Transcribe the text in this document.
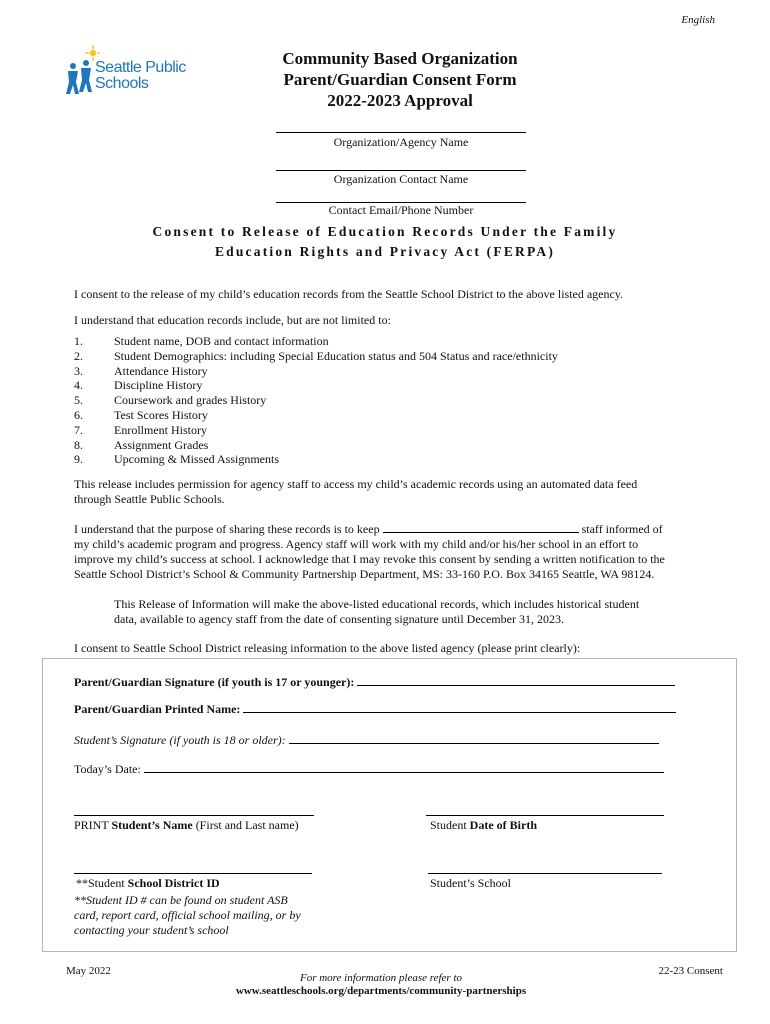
English
Seattle Public
Schools
Community Based Organization
Parent/Guardian Consent Form
2022-2023 Approval
Organization/Agency Name
Organization Contact Name
Contact Email/Phone Number
Consent to Release of Education Records Under the Family
Education Rights and Privacy Act (FERPA)
I consent to the release of my child’s education records from the Seattle School District to the above listed agency.
I understand that education records include, but are not limited to:
1.	Student name, DOB and contact information
2.	Student Demographics: including Special Education status and 504 Status and race/ethnicity
3.	Attendance History
4.	Discipline History
5.	Coursework and grades History
6.	Test Scores History
7.	Enrollment History
8.	Assignment Grades
9.	Upcoming & Missed Assignments
This release includes permission for agency staff to access my child’s academic records using an automated data feed
through Seattle Public Schools.
I understand that the purpose of sharing these records is to keep	staff informed of
my child’s academic program and progress. Agency staff will work with my child and/or his/her school in an effort to
improve my child’s success at school. I acknowledge that I may revoke this consent by sending a written notification to the
Seattle School District’s School & Community Partnership Department, MS: 33-160 P.O. Box 34165 Seattle, WA 98124.
This Release of Information will make the above-listed educational records, which includes historical student
data, available to agency staff from the date of consenting signature until December 31, 2023.
I consent to Seattle School District releasing information to the above listed agency (please print clearly):
Parent/Guardian Signature (if youth is 17 or younger):
Parent/Guardian Printed Name:
Student’s Signature (if youth is 18 or older):
Today’s Date:
PRINT Student’s Name (First and Last name)	Student Date of Birth
**Student School District ID	Student’s School
**Student ID # can be found on student ASB
card, report card, official school mailing, or by
contacting your student’s school
May 2022
For more information please refer to
www.seattleschools.org/departments/community-partnerships
22-23 Consent
